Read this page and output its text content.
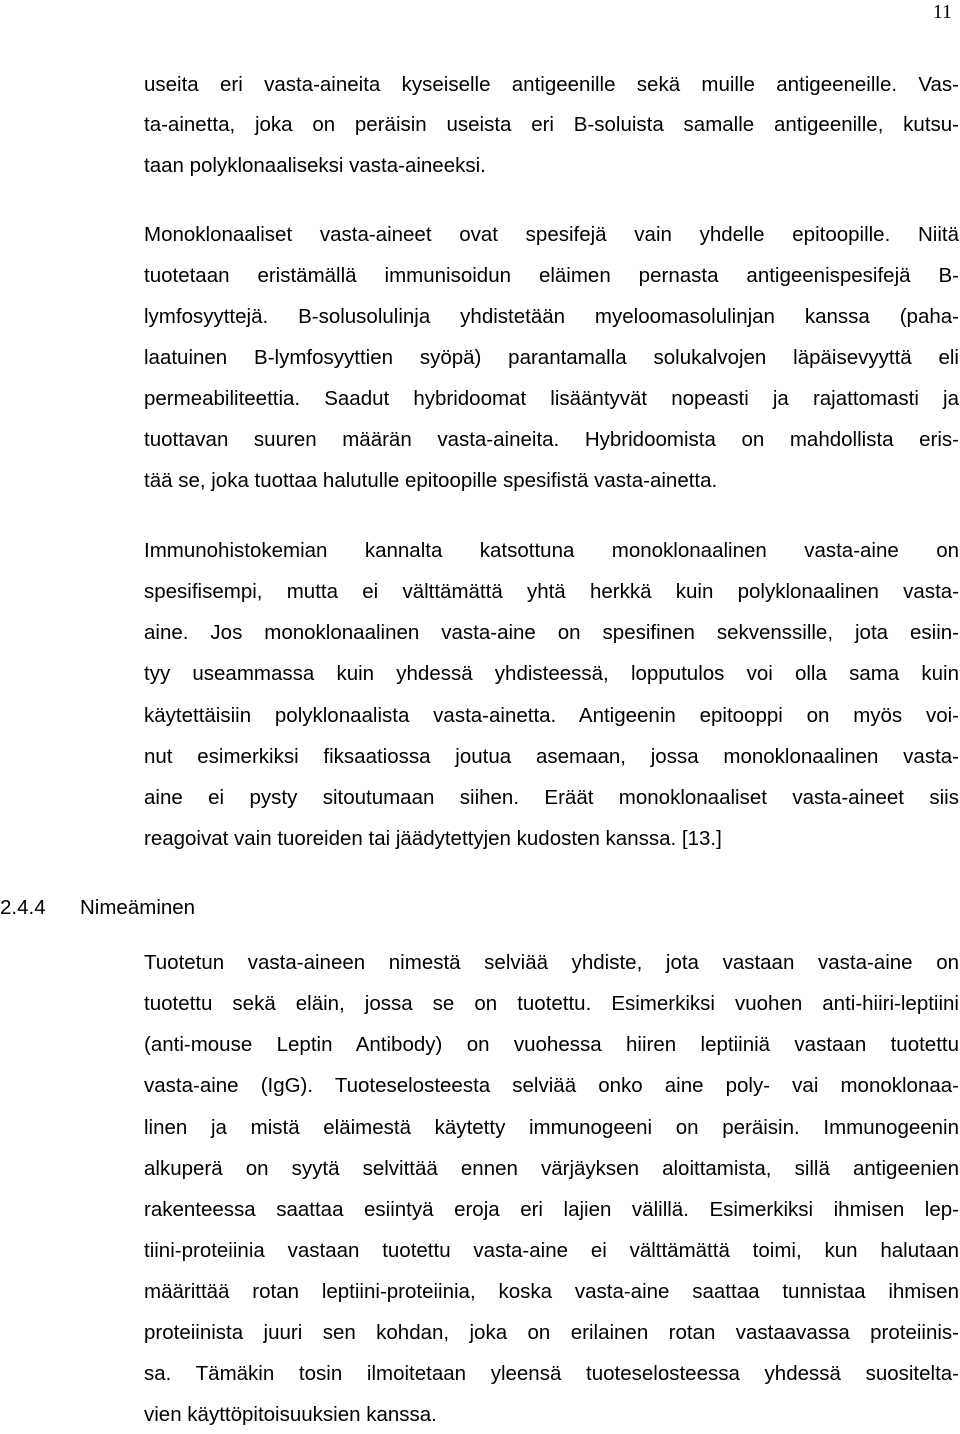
11
useita eri vasta-aineita kyseiselle antigeenille sekä muille antigeeneille. Vas-
ta-ainetta, joka on peräisin useista eri B-soluista samalle antigeenille, kutsu-
taan polyklonaaliseksi vasta-aineeksi.
Monoklonaaliset vasta-aineet ovat spesifejä vain yhdelle epitoopille. Niitä
tuotetaan eristämällä immunisoidun eläimen pernasta antigeenispesifejä B-
lymfosyyttejä. B-solusolulinja yhdistetään myeloomasolulinjan kanssa (paha-
laatuinen B-lymfosyyttien syöpä) parantamalla solukalvojen läpäisevyyttä eli
permeabiliteettia. Saadut hybridoomat lisääntyvät nopeasti ja rajattomasti ja
tuottavan suuren määrän vasta-aineita. Hybridoomista on mahdollista eris-
tää se, joka tuottaa halutulle epitoopille spesifistä vasta-ainetta.
Immunohistokemian kannalta katsottuna monoklonaalinen vasta-aine on
spesifisempi, mutta ei välttämättä yhtä herkkä kuin polyklonaalinen vasta-
aine. Jos monoklonaalinen vasta-aine on spesifinen sekvenssille, jota esiin-
tyy useammassa kuin yhdessä yhdisteessä, lopputulos voi olla sama kuin
käytettäisiin polyklonaalista vasta-ainetta. Antigeenin epitooppi on myös voi-
nut esimerkiksi fiksaatiossa joutua asemaan, jossa monoklonaalinen vasta-
aine ei pysty sitoutumaan siihen. Eräät monoklonaaliset vasta-aineet siis
reagoivat vain tuoreiden tai jäädytettyjen kudosten kanssa. [13.]
2.4.4 Nimeäminen
Tuotetun vasta-aineen nimestä selviää yhdiste, jota vastaan vasta-aine on
tuotettu sekä eläin, jossa se on tuotettu. Esimerkiksi vuohen anti-hiiri-leptiini
(anti-mouse Leptin Antibody) on vuohessa hiiren leptiiniä vastaan tuotettu
vasta-aine (IgG). Tuoteselosteesta selviää onko aine poly- vai monoklonaa-
linen ja mistä eläimestä käytetty immunogeeni on peräisin. Immunogeenin
alkuperä on syytä selvittää ennen värjäyksen aloittamista, sillä antigeenien
rakenteessa saattaa esiintyä eroja eri lajien välillä. Esimerkiksi ihmisen lep-
tiini-proteiinia vastaan tuotettu vasta-aine ei välttämättä toimi, kun halutaan
määrittää rotan leptiini-proteiinia, koska vasta-aine saattaa tunnistaa ihmisen
proteiinista juuri sen kohdan, joka on erilainen rotan vastaavassa proteiinis-
sa. Tämäkin tosin ilmoitetaan yleensä tuoteselosteessa yhdessä suositelta-
vien käyttöpitoisuuksien kanssa.
